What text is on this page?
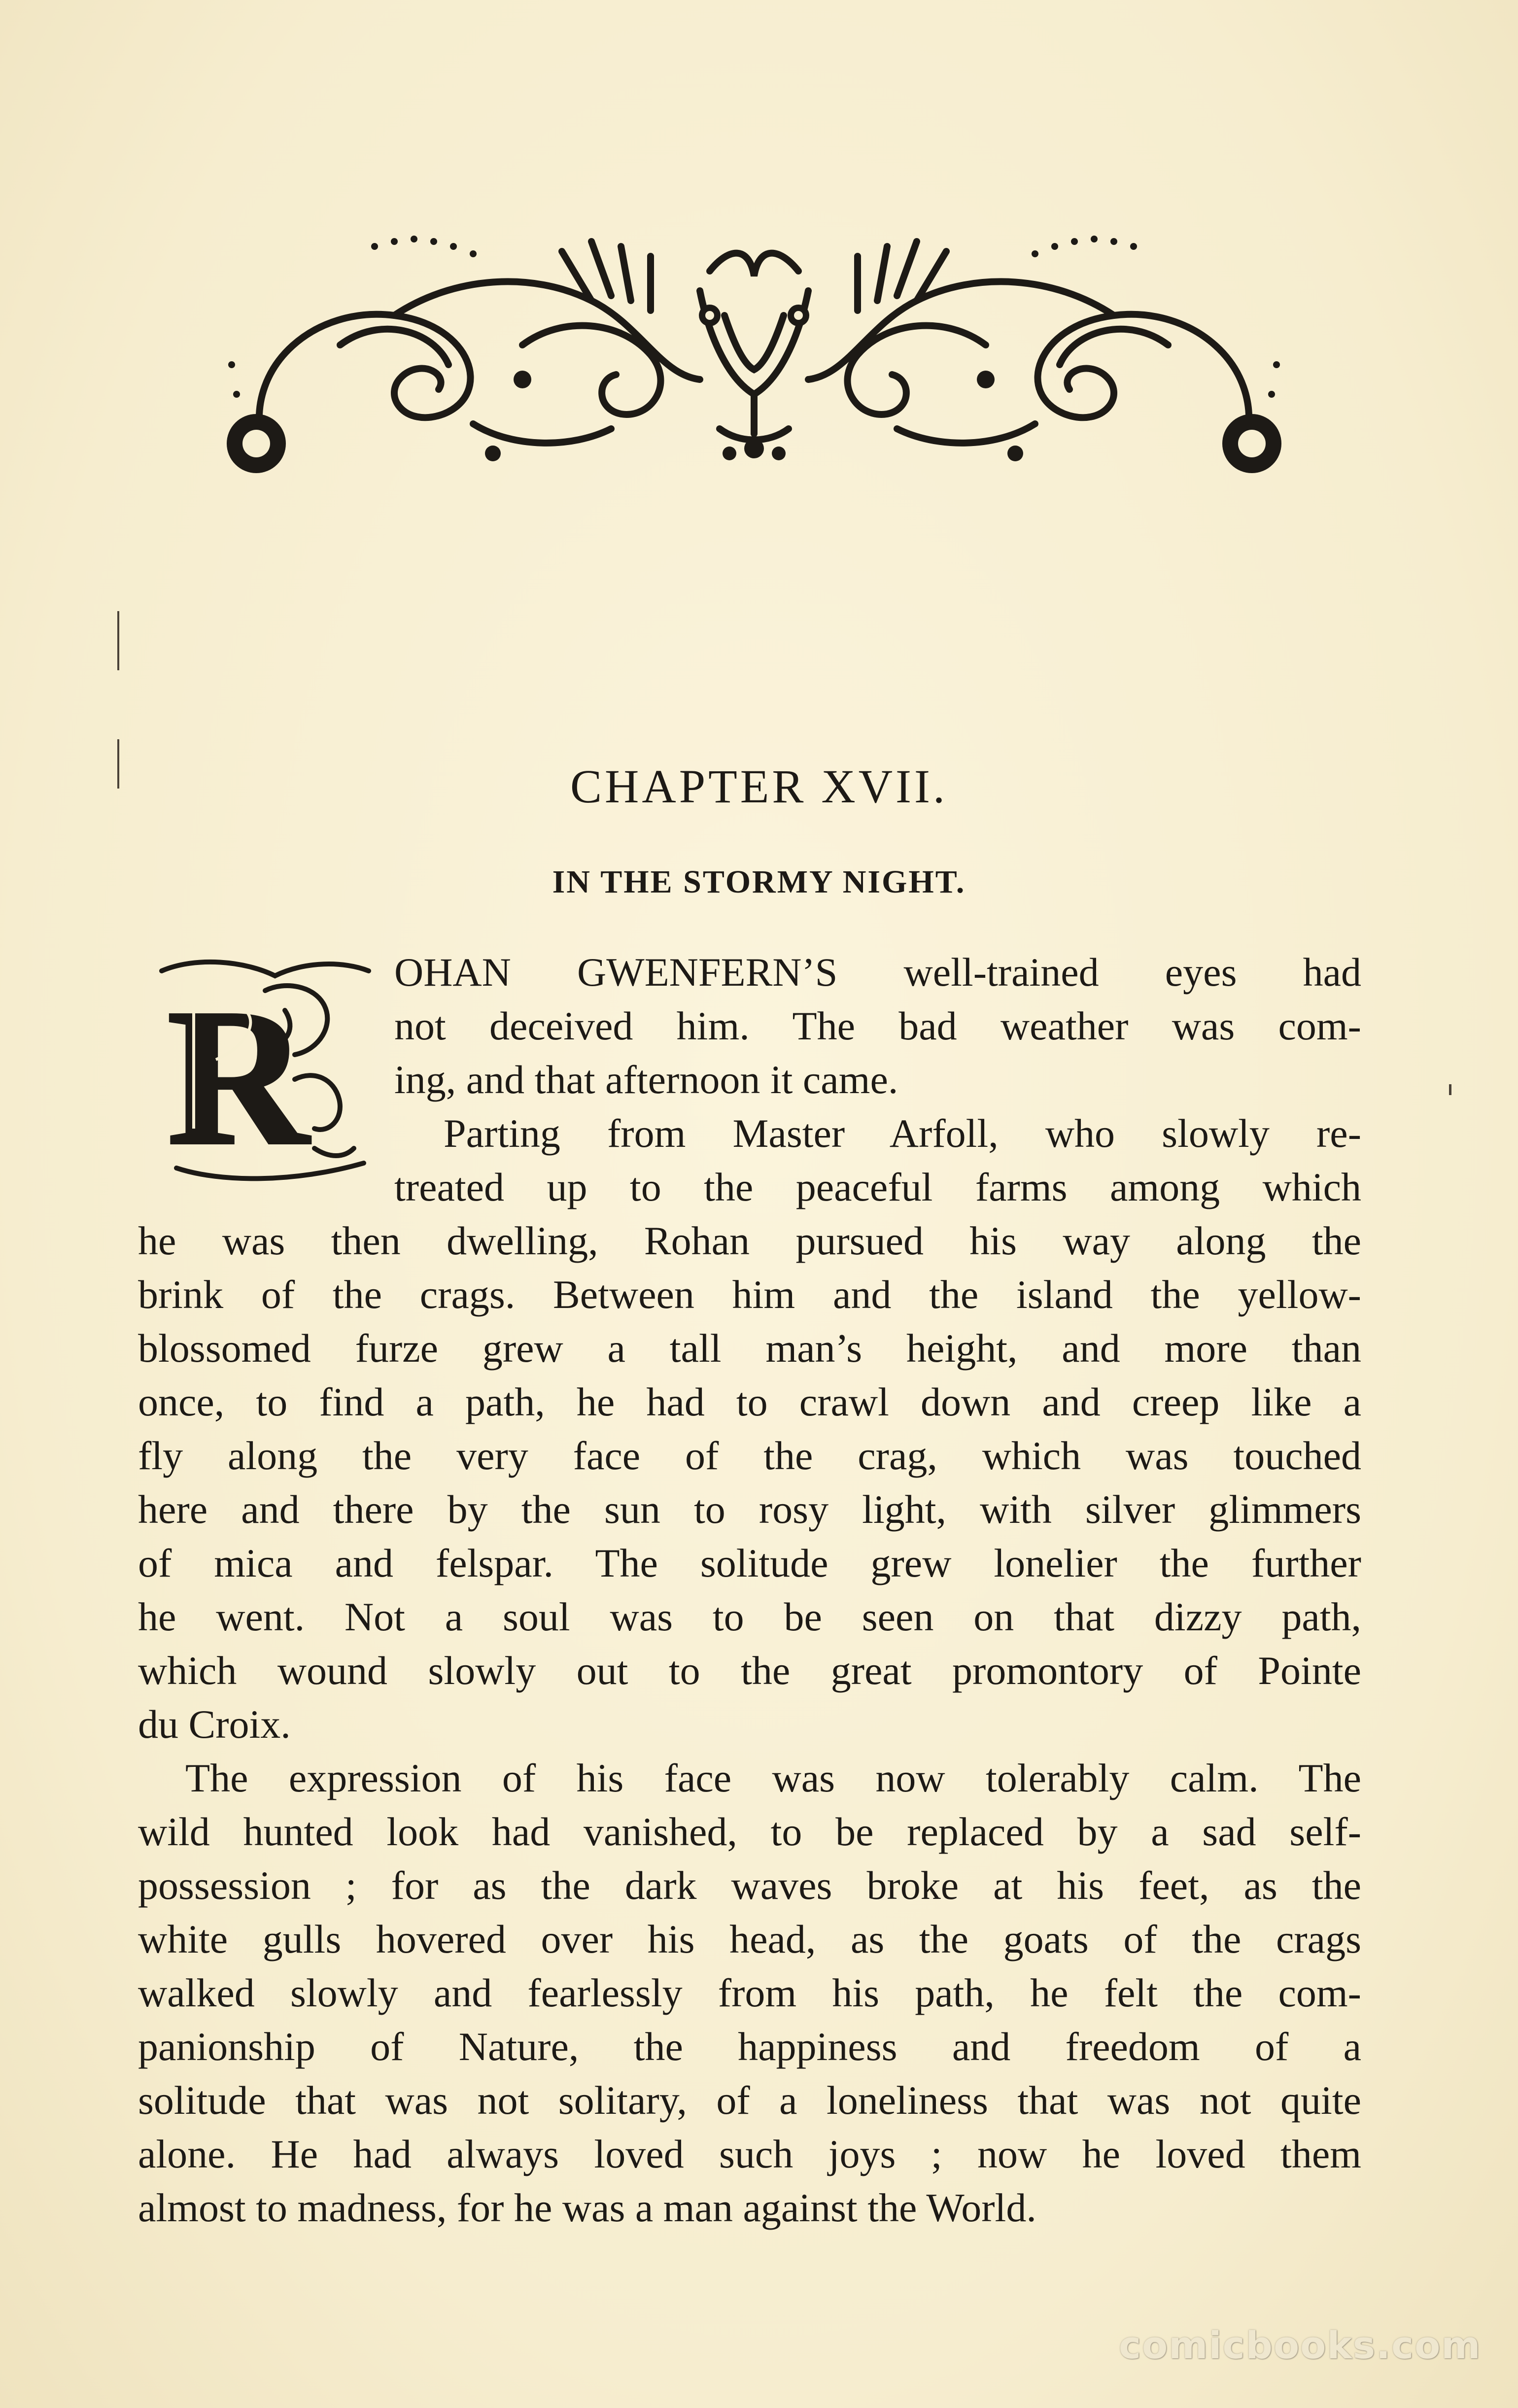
CHAPTER XVII.
IN THE STORMY NIGHT.
R OHAN GWENFERN’S well-trained eyes had
not deceived him. The bad weather was com-
ing, and that afternoon it came.
Parting from Master Arfoll, who slowly re-
treated up to the peaceful farms among which
he was then dwelling, Rohan pursued his way along the
brink of the crags. Between him and the island the yellow-
blossomed furze grew a tall man’s height, and more than
once, to find a path, he had to crawl down and creep like a
fly along the very face of the crag, which was touched
here and there by the sun to rosy light, with silver glimmers
of mica and felspar. The solitude grew lonelier the further
he went. Not a soul was to be seen on that dizzy path,
which wound slowly out to the great promontory of Pointe
du Croix.
The expression of his face was now tolerably calm. The
wild hunted look had vanished, to be replaced by a sad self-
possession ; for as the dark waves broke at his feet, as the
white gulls hovered over his head, as the goats of the crags
walked slowly and fearlessly from his path, he felt the com-
panionship of Nature, the happiness and freedom of a
solitude that was not solitary, of a loneliness that was not quite
alone. He had always loved such joys ; now he loved them
almost to madness, for he was a man against the World.
comicbooks.com
